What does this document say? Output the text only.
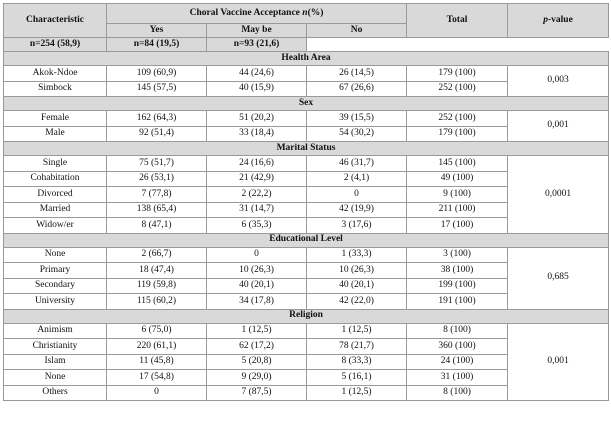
Characteristic	Choral Vaccine Acceptance n(%)			Total	p-value
	Yes	May be	No		
n=254 (58,9)	n=84 (19,5)	n=93 (21,6)			
Health Area					
Akok-Ndoe	109 (60,9)	44 (24,6)	26 (14,5)	179 (100)	0,003
Simbock	145 (57,5)	40 (15,9)	67 (26,6)	252 (100)	
Sex					
Female	162 (64,3)	51 (20,2)	39 (15,5)	252 (100)	0,001
Male	92 (51,4)	33 (18,4)	54 (30,2)	179 (100)	
Marital Status					
Single	75 (51,7)	24 (16,6)	46 (31,7)	145 (100)	0,0001
Cohabitation	26 (53,1)	21 (42,9)	2 (4,1)	49 (100)	
Divorced	7 (77,8)	2 (22,2)	0	9 (100)	
Married	138 (65,4)	31 (14,7)	42 (19,9)	211 (100)	
Widow/er	8 (47,1)	6 (35,3)	3 (17,6)	17 (100)	
Educational Level					
None	2 (66,7)	0	1 (33,3)	3 (100)	0,685
Primary	18 (47,4)	10 (26,3)	10 (26,3)	38 (100)	
Secondary	119 (59,8)	40 (20,1)	40 (20,1)	199 (100)	
University	115 (60,2)	34 (17,8)	42 (22,0)	191 (100)	
Religion					
Animism	6 (75,0)	1 (12,5)	1 (12,5)	8 (100)	0,001
Christianity	220 (61,1)	62 (17,2)	78 (21,7)	360 (100)	
Islam	11 (45,8)	5 (20,8)	8 (33,3)	24 (100)	
None	17 (54,8)	9 (29,0)	5 (16,1)	31 (100)	
Others	0	7 (87,5)	1 (12,5)	8 (100)	
